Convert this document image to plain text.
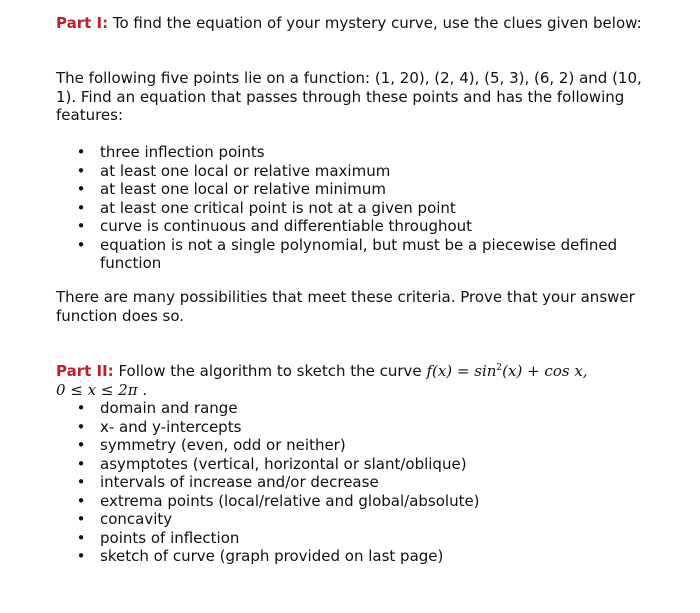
Part I: To find the equation of your mystery curve, use the clues given below:
The following five points lie on a function: (1, 20), (2, 4), (5, 3), (6, 2) and (10, 1). Find an equation that passes through these points and has the following features:
• three inflection points
• at least one local or relative maximum
• at least one local or relative minimum
• at least one critical point is not at a given point
• curve is continuous and differentiable throughout
• equation is not a single polynomial, but must be a piecewise defined function
There are many possibilities that meet these criteria. Prove that your answer function does so.
Part II: Follow the algorithm to sketch the curve $f(x) = \sin^2(x) + \cos x$,
0 ≤ x ≤ 2π .
• domain and range
• x- and y-intercepts
• symmetry (even, odd or neither)
• asymptotes (vertical, horizontal or slant/oblique)
• intervals of increase and/or decrease
• extrema points (local/relative and global/absolute)
• concavity
• points of inflection
• sketch of curve (graph provided on last page)
